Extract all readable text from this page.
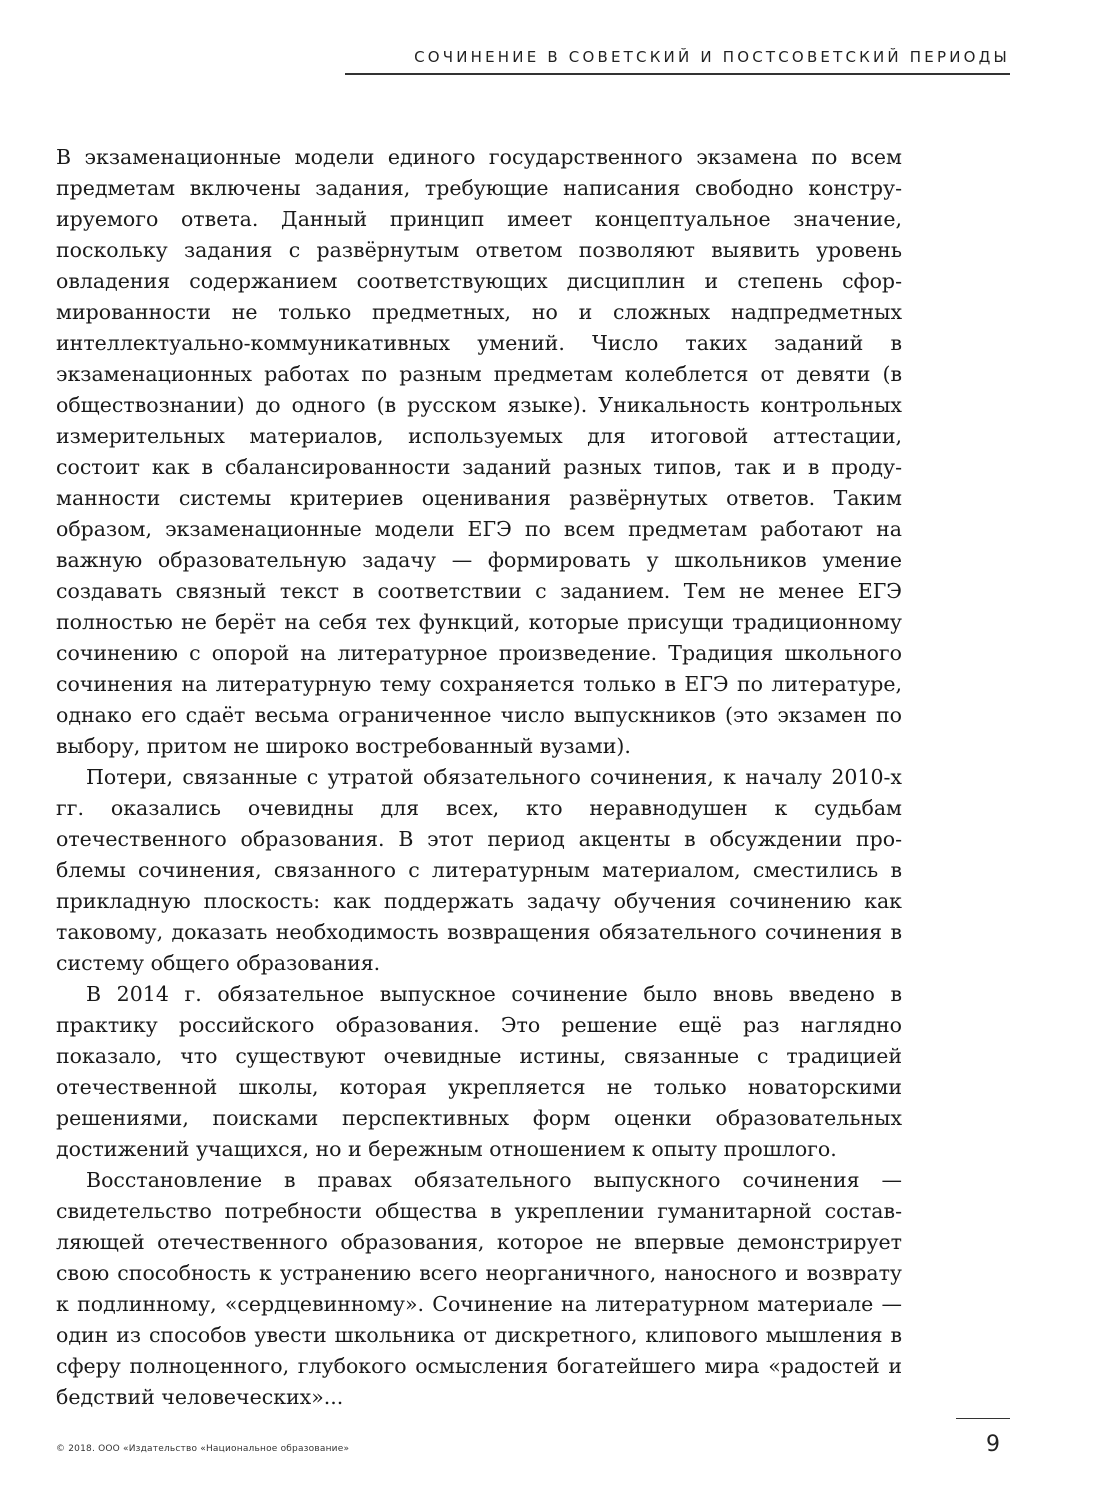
СОЧИНЕНИЕ В СОВЕТСКИЙ И ПОСТСОВЕТСКИЙ ПЕРИОДЫ

В экзаменационные модели единого государственного экзамена по всем предметам включены задания, требующие написания свободно конструируемого ответа. Данный принцип имеет концептуальное значение, поскольку задания с развёрнутым ответом позволяют выявить уровень овладения содержанием соответствующих дисциплин и степень сформированности не только предметных, но и сложных надпредметных интеллектуально-коммуникативных умений. Число таких заданий в экзаменационных работах по разным предметам колеблется от девяти (в обществознании) до одного (в русском языке). Уникальность контрольных измерительных материалов, используемых для итоговой аттестации, состоит как в сбалансированности заданий разных типов, так и в продуманности системы критериев оценивания развёрнутых ответов. Таким образом, экзаменационные модели ЕГЭ по всем предметам работают на важную образовательную задачу — формировать у школьников умение создавать связный текст в соответствии с заданием. Тем не менее ЕГЭ полностью не берёт на себя тех функций, которые присущи традиционному сочинению с опорой на литературное произведение. Традиция школьного сочинения на литературную тему сохраняется только в ЕГЭ по литературе, однако его сдаёт весьма ограниченное число выпускников (это экзамен по выбору, притом не широко востребованный вузами).

Потери, связанные с утратой обязательного сочинения, к началу 2010-х гг. оказались очевидны для всех, кто неравнодушен к судьбам отечественного образования. В этот период акценты в обсуждении проблемы сочинения, связанного с литературным материалом, сместились в прикладную плоскость: как поддержать задачу обучения сочинению как таковому, доказать необходимость возвращения обязательного сочинения в систему общего образования.

В 2014 г. обязательное выпускное сочинение было вновь введено в практику российского образования. Это решение ещё раз наглядно показало, что существуют очевидные истины, связанные с традицией отечественной школы, которая укрепляется не только новаторскими решениями, поисками перспективных форм оценки образовательных достижений учащихся, но и бережным отношением к опыту прошлого.

Восстановление в правах обязательного выпускного сочинения — свидетельство потребности общества в укреплении гуманитарной составляющей отечественного образования, которое не впервые демонстрирует свою способность к устранению всего неорганичного, наносного и возврату к подлинному, «сердцевинному». Сочинение на литературном материале — один из способов увести школьника от дискретного, клипового мышления в сферу полноценного, глубокого осмысления богатейшего мира «радостей и бедствий человеческих»...

© 2018. ООО «Издательство «Национальное образование»	9
